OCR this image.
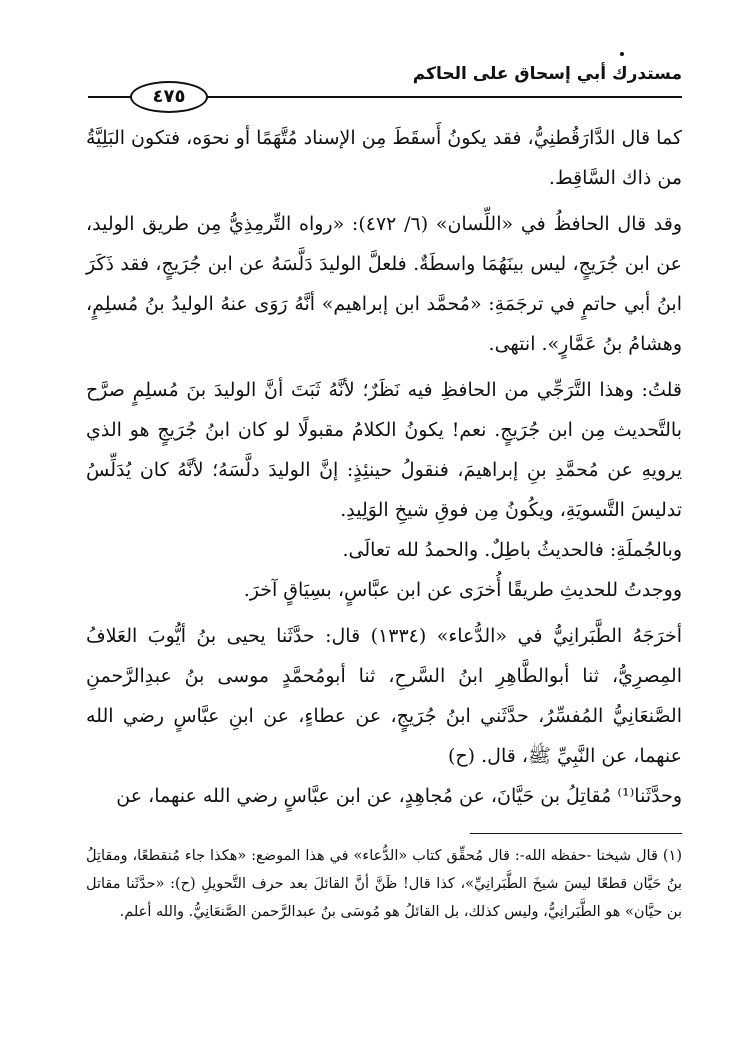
مستدرك أبي إسحاق على الحاكم
٤٧٥

كما قال الدَّارَقُطنِيُّ، فقد يكونُ أَسقَطَ مِن الإسناد مُتَّهَمًا أو نحوَه، فتكون البَلِيَّةُ من ذاك السَّاقِط.

وقد قال الحافظُ في «اللِّسان» (٦/ ٤٧٢): «رواه التِّرمِذِيُّ مِن طريق الوليد، عن ابن جُرَيجٍ، ليس بينَهُمَا واسطَةٌ. فلعلَّ الوليدَ دَلَّسَهُ عن ابن جُرَيجٍ، فقد ذَكَرَ ابنُ أبي حاتمٍ في ترجَمَةِ: «مُحمَّد ابن إبراهيم» أنَّهُ رَوَى عنهُ الوليدُ بنُ مُسلِمٍ، وهشامُ بنُ عَمَّارٍ». انتهى.

قلتُ: وهذا التَّرَجِّي من الحافظِ فيه نَظَرٌ؛ لأنَّهُ ثَبَتَ أنَّ الوليدَ بنَ مُسلِمٍ صرَّح بالتَّحديث مِن ابن جُرَيجٍ. نعم! يكونُ الكلامُ مقبولًا لو كان ابنُ جُرَيجٍ هو الذي يرويهِ عن مُحمَّدِ بنِ إبراهيمَ، فنقولُ حينئِذٍ: إنَّ الوليدَ دلَّسَهُ؛ لأنَّهُ كان يُدَلِّسُ تدليسَ التَّسويَةِ، ويكُونُ مِن فوقِ شيخِ الوَلِيدِ.

وبالجُملَةِ: فالحديثُ باطِلٌ. والحمدُ لله تعالَى.

ووجدتُ للحديثِ طريقًا أُخرَى عن ابن عبَّاسٍ، بسِيَاقٍ آخرَ.

أخرَجَهُ الطَّبَرانِيُّ في «الدُّعاء» (١٣٣٤) قال: حدَّثَنا يحيى بنُ أيُّوبَ العَلافُ المِصرِيُّ، ثنا أبوالطَّاهِرِ ابنُ السَّرحِ، ثنا أبومُحمَّدٍ موسى بنُ عبدِالرَّحمنِ الصَّنعَانِيُّ المُفسِّرُ، حدَّثَني ابنُ جُرَيجٍ، عن عطاءٍ، عن ابنِ عبَّاسٍ رضي الله عنهما، عن النَّبِيِّ ﷺ، قال. (ح)

وحدَّثَنا⁽¹⁾ مُقاتِلُ بن حَيَّانَ، عن مُجاهِدٍ، عن ابن عبَّاسٍ رضي الله عنهما، عن

(١) قال شيخنا -حفظه الله-: قال مُحقِّق كتاب «الدُّعاء» في هذا الموضع: «هكذا جاء مُنقطعًا، ومقاتِلُ بنُ حَيَّان قطعًا ليسَ شيخَ الطَّبَرانِيِّ»، كذا قال! ظَنَّ أنَّ القائلَ بعد حرف التَّحويلِ (ح): «حدَّثَنا مقاتل بن حيَّان» هو الطَّبَرانِيُّ، وليس كذلك، بل القائلُ هو مُوسَى بنُ عبدالرَّحمن الصَّنعَانِيُّ. والله أعلم.
